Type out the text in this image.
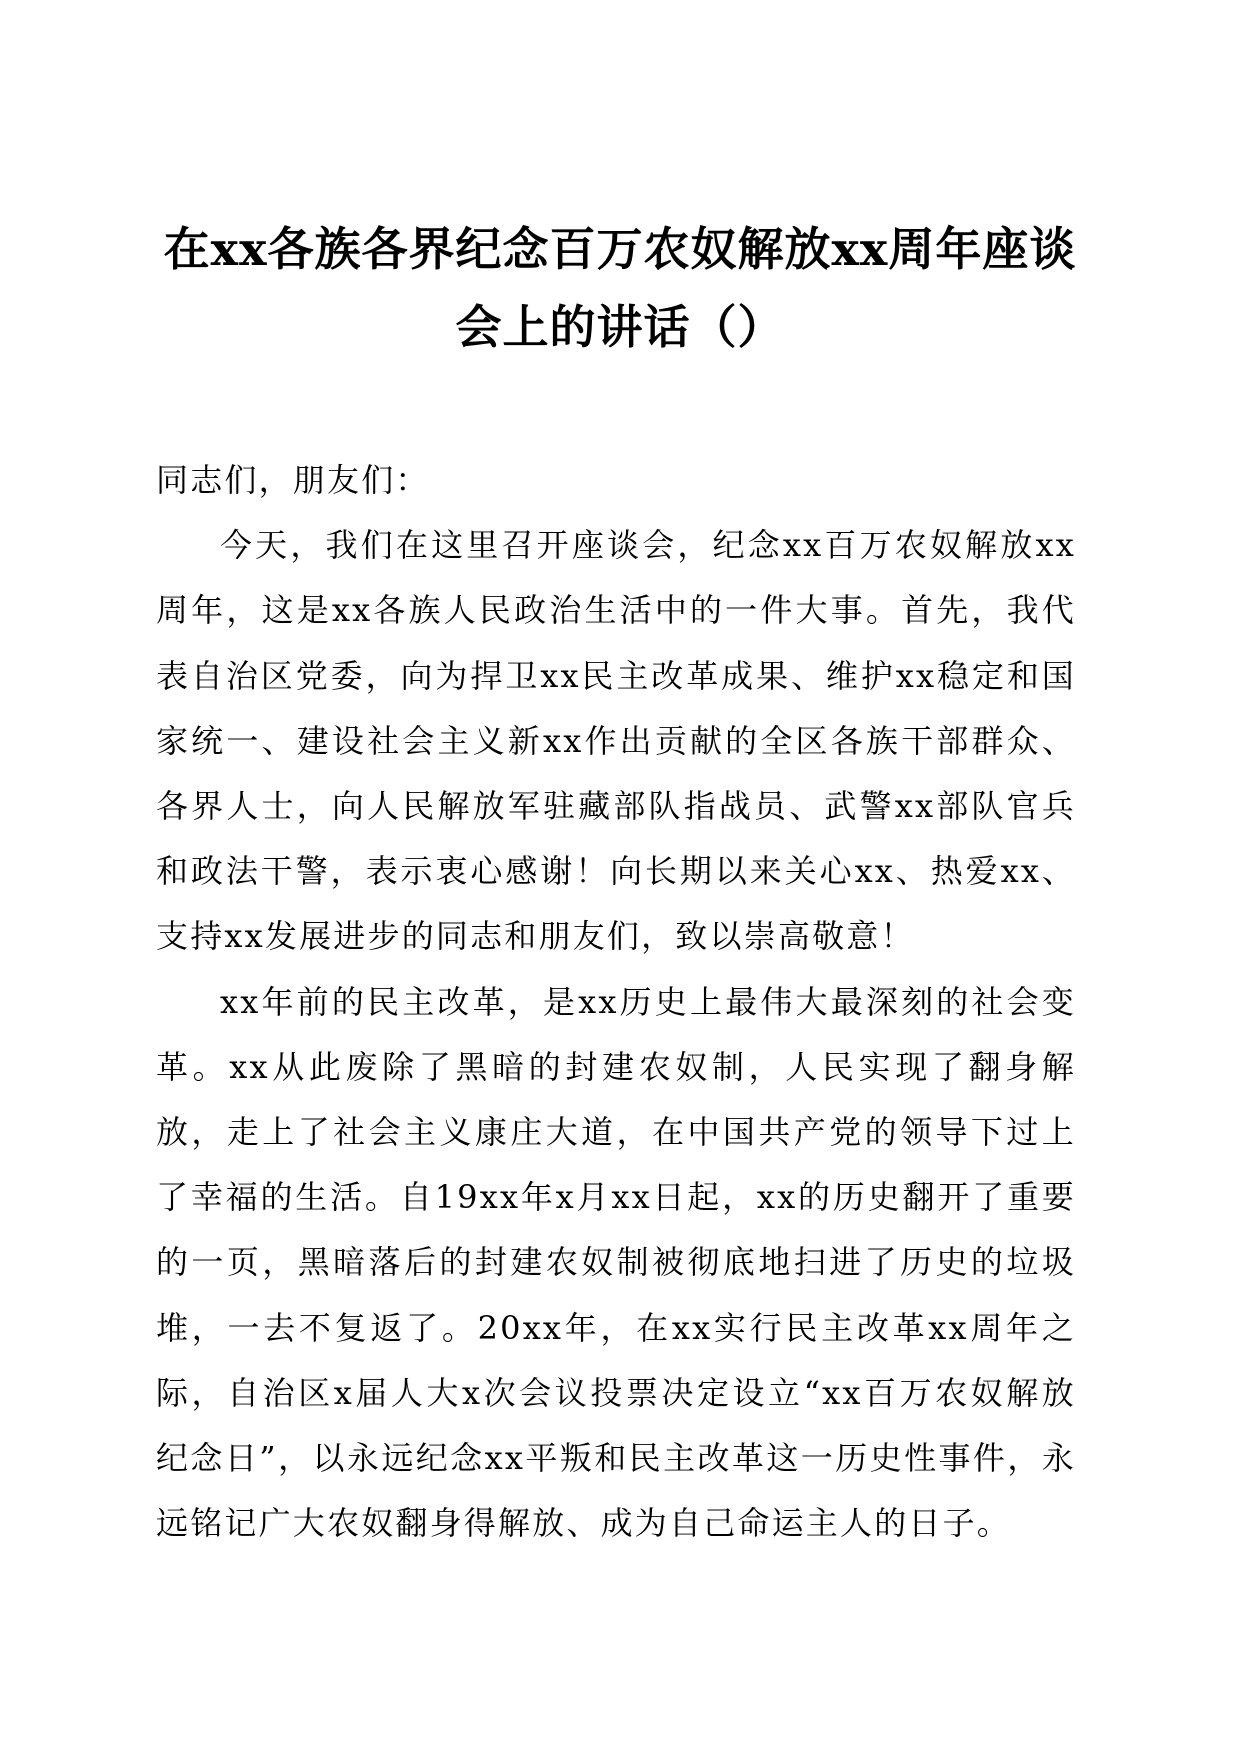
在xx各族各界纪念百万农奴解放xx周年座谈
会上的讲话（）

同志们，朋友们：

今天，我们在这里召开座谈会，纪念xx百万农奴解放xx周年，这是xx各族人民政治生活中的一件大事。首先，我代表自治区党委，向为捍卫xx民主改革成果、维护xx稳定和国家统一、建设社会主义新xx作出贡献的全区各族干部群众、各界人士，向人民解放军驻藏部队指战员、武警xx部队官兵和政法干警，表示衷心感谢！向长期以来关心xx、热爱xx、支持xx发展进步的同志和朋友们，致以崇高敬意！

xx年前的民主改革，是xx历史上最伟大最深刻的社会变革。xx从此废除了黑暗的封建农奴制，人民实现了翻身解放，走上了社会主义康庄大道，在中国共产党的领导下过上了幸福的生活。自19xx年x月xx日起，xx的历史翻开了重要的一页，黑暗落后的封建农奴制被彻底地扫进了历史的垃圾堆，一去不复返了。20xx年，在xx实行民主改革xx周年之际，自治区x届人大x次会议投票决定设立“xx百万农奴解放纪念日”，以永远纪念xx平叛和民主改革这一历史性事件，永远铭记广大农奴翻身得解放、成为自己命运主人的日子。
